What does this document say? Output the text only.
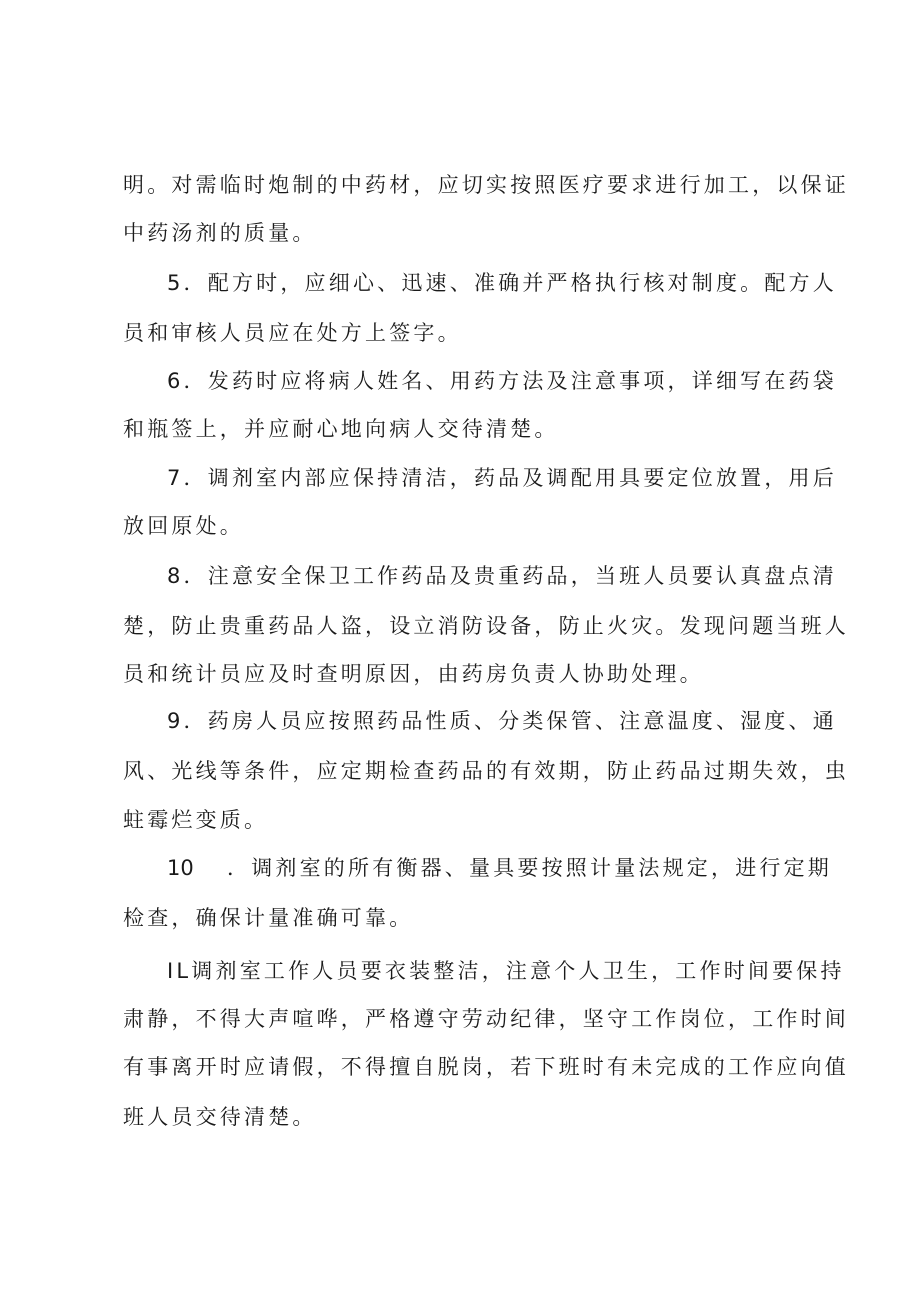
明。对需临时炮制的中药材，应切实按照医疗要求进行加工，以保证
中药汤剂的质量。
5．配方时，应细心、迅速、准确并严格执行核对制度。配方人
员和审核人员应在处方上签字。
6．发药时应将病人姓名、用药方法及注意事项，详细写在药袋
和瓶签上，并应耐心地向病人交待清楚。
7．调剂室内部应保持清洁，药品及调配用具要定位放置，用后
放回原处。
8．注意安全保卫工作药品及贵重药品，当班人员要认真盘点清
楚，防止贵重药品人盗，设立消防设备，防止火灾。发现问题当班人
员和统计员应及时查明原因，由药房负责人协助处理。
9．药房人员应按照药品性质、分类保管、注意温度、湿度、通
风、光线等条件，应定期检查药品的有效期，防止药品过期失效，虫
蛀霉烂变质。
10 ．调剂室的所有衡器、量具要按照计量法规定，进行定期
检查，确保计量准确可靠。
IL调剂室工作人员要衣装整洁，注意个人卫生，工作时间要保持
肃静，不得大声喧哗，严格遵守劳动纪律，坚守工作岗位，工作时间
有事离开时应请假，不得擅自脱岗，若下班时有未完成的工作应向值
班人员交待清楚。
